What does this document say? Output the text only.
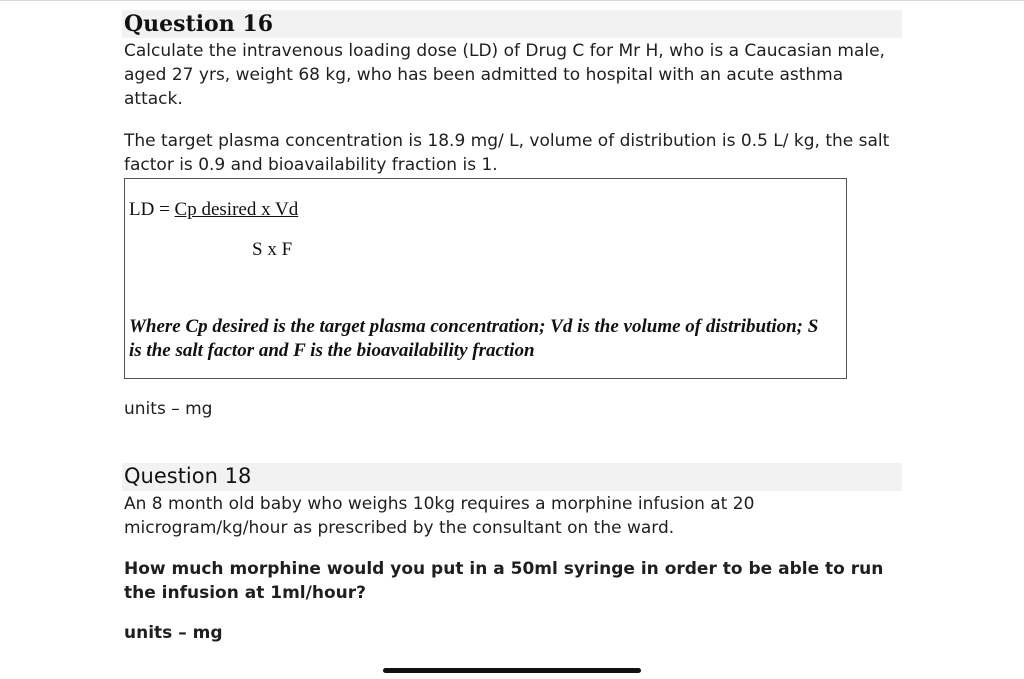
Question 16

Calculate the intravenous loading dose (LD) of Drug C for Mr H, who is a Caucasian male, aged 27 yrs, weight 68 kg, who has been admitted to hospital with an acute asthma attack.

The target plasma concentration is 18.9 mg/ L, volume of distribution is 0.5 L/ kg, the salt factor is 0.9 and bioavailability fraction is 1.

LD = Cp desired x Vd
S x F
Where Cp desired is the target plasma concentration; Vd is the volume of distribution; S is the salt factor and F is the bioavailability fraction
units – mg
Question 18

An 8 month old baby who weighs 10kg requires a morphine infusion at 20 microgram/kg/hour as prescribed by the consultant on the ward.

How much morphine would you put in a 50ml syringe in order to be able to run the infusion at 1ml/hour?

units – mg
